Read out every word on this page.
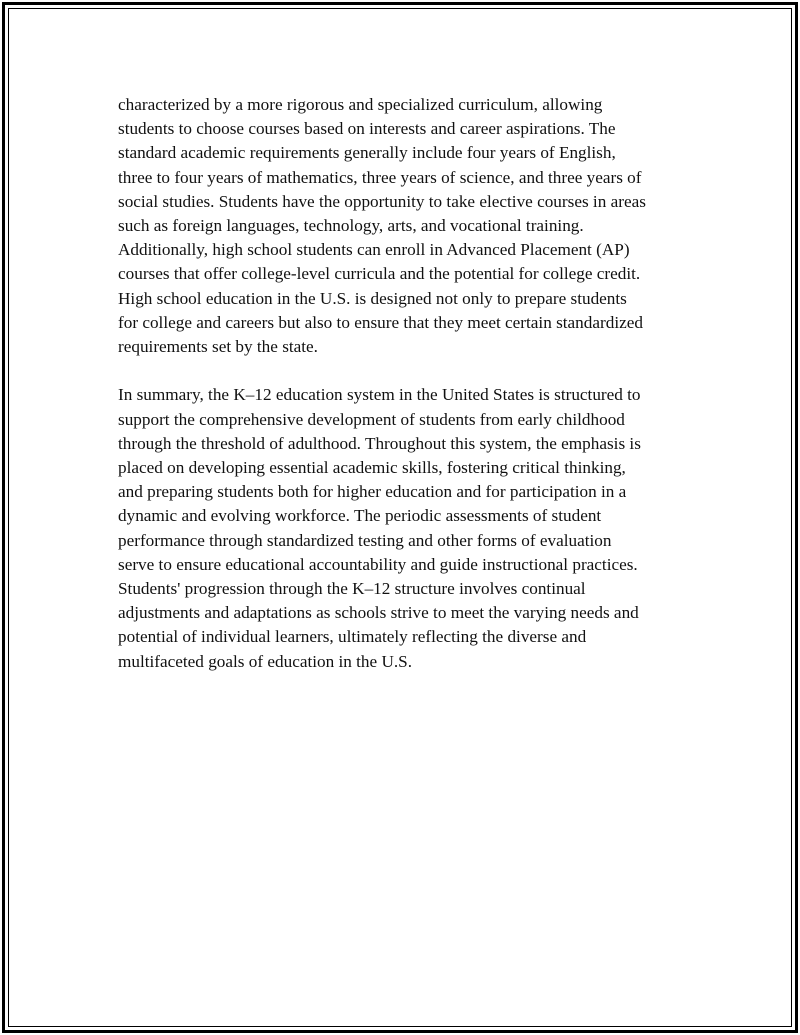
characterized by a more rigorous and specialized curriculum, allowing
students to choose courses based on interests and career aspirations. The
standard academic requirements generally include four years of English,
three to four years of mathematics, three years of science, and three years of
social studies. Students have the opportunity to take elective courses in areas
such as foreign languages, technology, arts, and vocational training.
Additionally, high school students can enroll in Advanced Placement (AP)
courses that offer college-level curricula and the potential for college credit.
High school education in the U.S. is designed not only to prepare students
for college and careers but also to ensure that they meet certain standardized
requirements set by the state.

In summary, the K–12 education system in the United States is structured to
support the comprehensive development of students from early childhood
through the threshold of adulthood. Throughout this system, the emphasis is
placed on developing essential academic skills, fostering critical thinking,
and preparing students both for higher education and for participation in a
dynamic and evolving workforce. The periodic assessments of student
performance through standardized testing and other forms of evaluation
serve to ensure educational accountability and guide instructional practices.
Students' progression through the K–12 structure involves continual
adjustments and adaptations as schools strive to meet the varying needs and
potential of individual learners, ultimately reflecting the diverse and
multifaceted goals of education in the U.S.
